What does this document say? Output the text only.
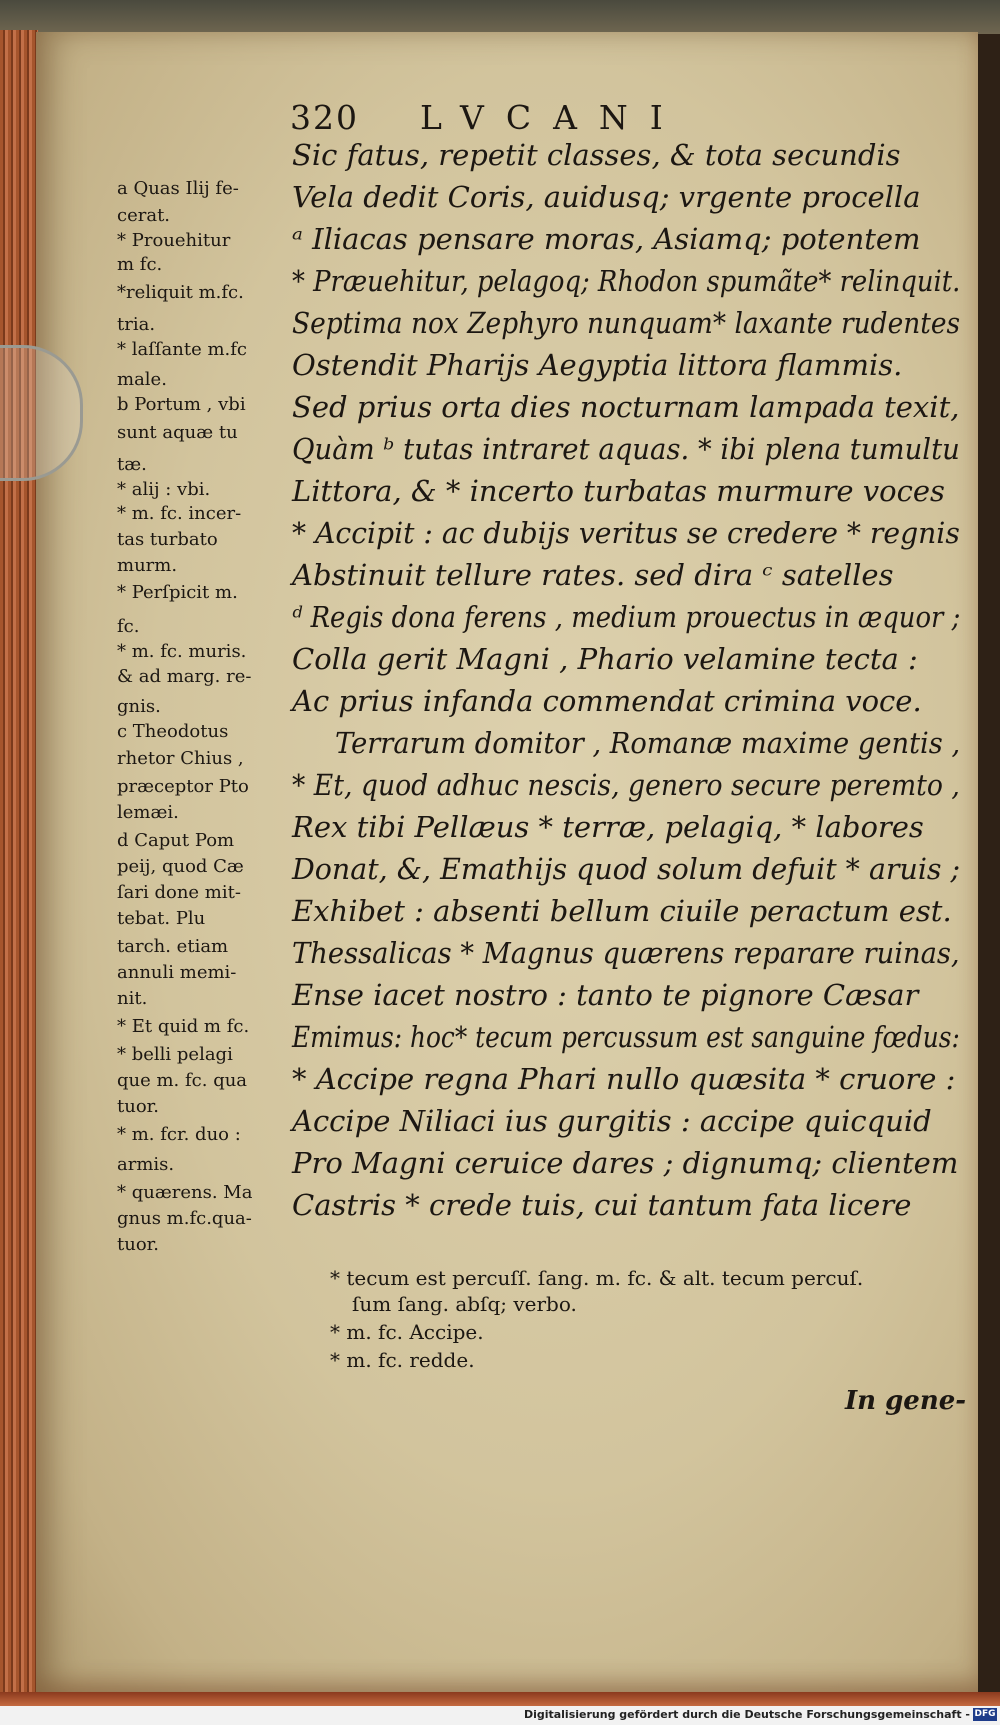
320 LVCANI
Sic fatus, repetit classes, & tota secundis
Vela dedit Coris, auidusq; vrgente procella
ᵃ Iliacas pensare moras, Asiamq; potentem
* Præuehitur, pelagoq; Rhodon spumãte* relinquit.
Septima nox Zephyro nunquam* laxante rudentes
Ostendit Pharijs Aegyptia littora flammis.
Sed prius orta dies nocturnam lampada texit,
Quàm ᵇ tutas intraret aquas. * ibi plena tumultu
Littora, & * incerto turbatas murmure voces
* Accipit : ac dubijs veritus se credere * regnis
Abstinuit tellure rates. sed dira ᶜ satelles
ᵈ Regis dona ferens , medium prouectus in æquor ;
Colla gerit Magni , Phario velamine tecta :
Ac prius infanda commendat crimina voce.
Terrarum domitor , Romanæ maxime gentis ,
* Et, quod adhuc nescis, genero secure peremto ,
Rex tibi Pellæus * terræ, pelagiq, * labores
Donat, &, Emathijs quod solum defuit * aruis ;
Exhibet : absenti bellum ciuile peractum est.
Thessalicas * Magnus quærens reparare ruinas,
Ense iacet nostro : tanto te pignore Cæsar
Emimus: hoc* tecum percussum est sanguine fœdus:
* Accipe regna Phari nullo quæsita * cruore :
Accipe Niliaci ius gurgitis : accipe quicquid
Pro Magni ceruice dares ; dignumq; clientem
Castris * crede tuis, cui tantum fata licere
a Quas Ilij fe-
cerat.
* Prouehitur
m fc.
*reliquit m.fc.
tria.
* laſſante m.fc
male.
b Portum , vbi
sunt aquæ tu
tæ.
* alij : vbi.
* m. fc. incer-
tas turbato
murm.
* Perſpicit m.
fc.
* m. fc. muris.
& ad marg. re-
gnis.
c Theodotus
rhetor Chius ,
præceptor Pto
lemæi.
d Caput Pom
peij, quod Cæ
ſari done mit-
tebat. Plu
tarch. etiam
annuli memi-
nit.
* Et quid m fc.
* belli pelagi
que m. fc. qua
tuor.
* m. fcr. duo :
armis.
* quærens. Ma
gnus m.fc.qua-
tuor.
* tecum est percuſſ. ſang. m. fc. & alt. tecum percuſ.
ſum ſang. abſq; verbo.
* m. fc. Accipe.
* m. fc. redde.
In gene-
Digitalisierung gefördert durch die Deutsche Forschungsgemeinschaft - DFG
